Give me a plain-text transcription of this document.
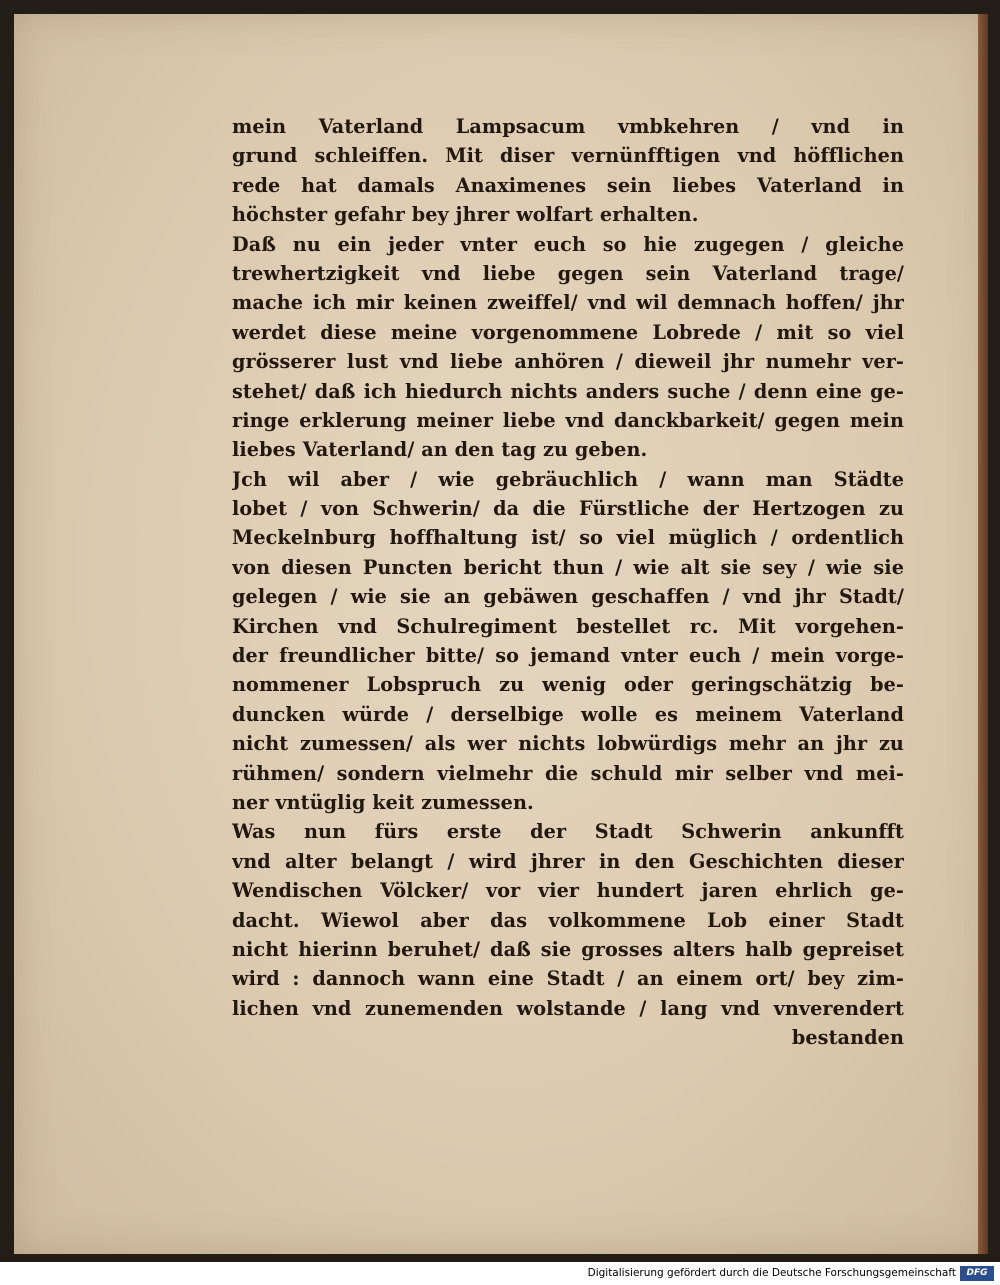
mein Vaterland Lampsacum vmbkehren / vnd in
grund schleiffen. Mit diser vernünfftigen vnd höfflichen
rede hat damals Anaximenes sein liebes Vaterland in
höchster gefahr bey jhrer wolfart erhalten.
Daß nu ein jeder vnter euch so hie zugegen / gleiche
trewhertzigkeit vnd liebe gegen sein Vaterland trage/
mache ich mir keinen zweiffel/ vnd wil demnach hoffen/ jhr
werdet diese meine vorgenommene Lobrede / mit so viel
grösserer lust vnd liebe anhören / dieweil jhr numehr ver-
stehet/ daß ich hiedurch nichts anders suche / denn eine ge-
ringe erklerung meiner liebe vnd danckbarkeit/ gegen mein
liebes Vaterland/ an den tag zu geben.
Jch wil aber / wie gebräuchlich / wann man Städte
lobet / von Schwerin/ da die Fürstliche der Hertzogen zu
Meckelnburg hoffhaltung ist/ so viel müglich / ordentlich
von diesen Puncten bericht thun / wie alt sie sey / wie sie
gelegen / wie sie an gebäwen geschaffen / vnd jhr Stadt/
Kirchen vnd Schulregiment bestellet rc. Mit vorgehen-
der freundlicher bitte/ so jemand vnter euch / mein vorge-
nommener Lobspruch zu wenig oder geringschätzig be-
duncken würde / derselbige wolle es meinem Vaterland
nicht zumessen/ als wer nichts lobwürdigs mehr an jhr zu
rühmen/ sondern vielmehr die schuld mir selber vnd mei-
ner vntüglig keit zumessen.
Was nun fürs erste der Stadt Schwerin ankunfft
vnd alter belangt / wird jhrer in den Geschichten dieser
Wendischen Völcker/ vor vier hundert jaren ehrlich ge-
dacht. Wiewol aber das volkommene Lob einer Stadt
nicht hierinn beruhet/ daß sie grosses alters halb gepreiset
wird : dannoch wann eine Stadt / an einem ort/ bey zim-
lichen vnd zunemenden wolstande / lang vnd vnverendert
bestanden
Digitalisierung gefördert durch die Deutsche Forschungsgemeinschaft	DFG
